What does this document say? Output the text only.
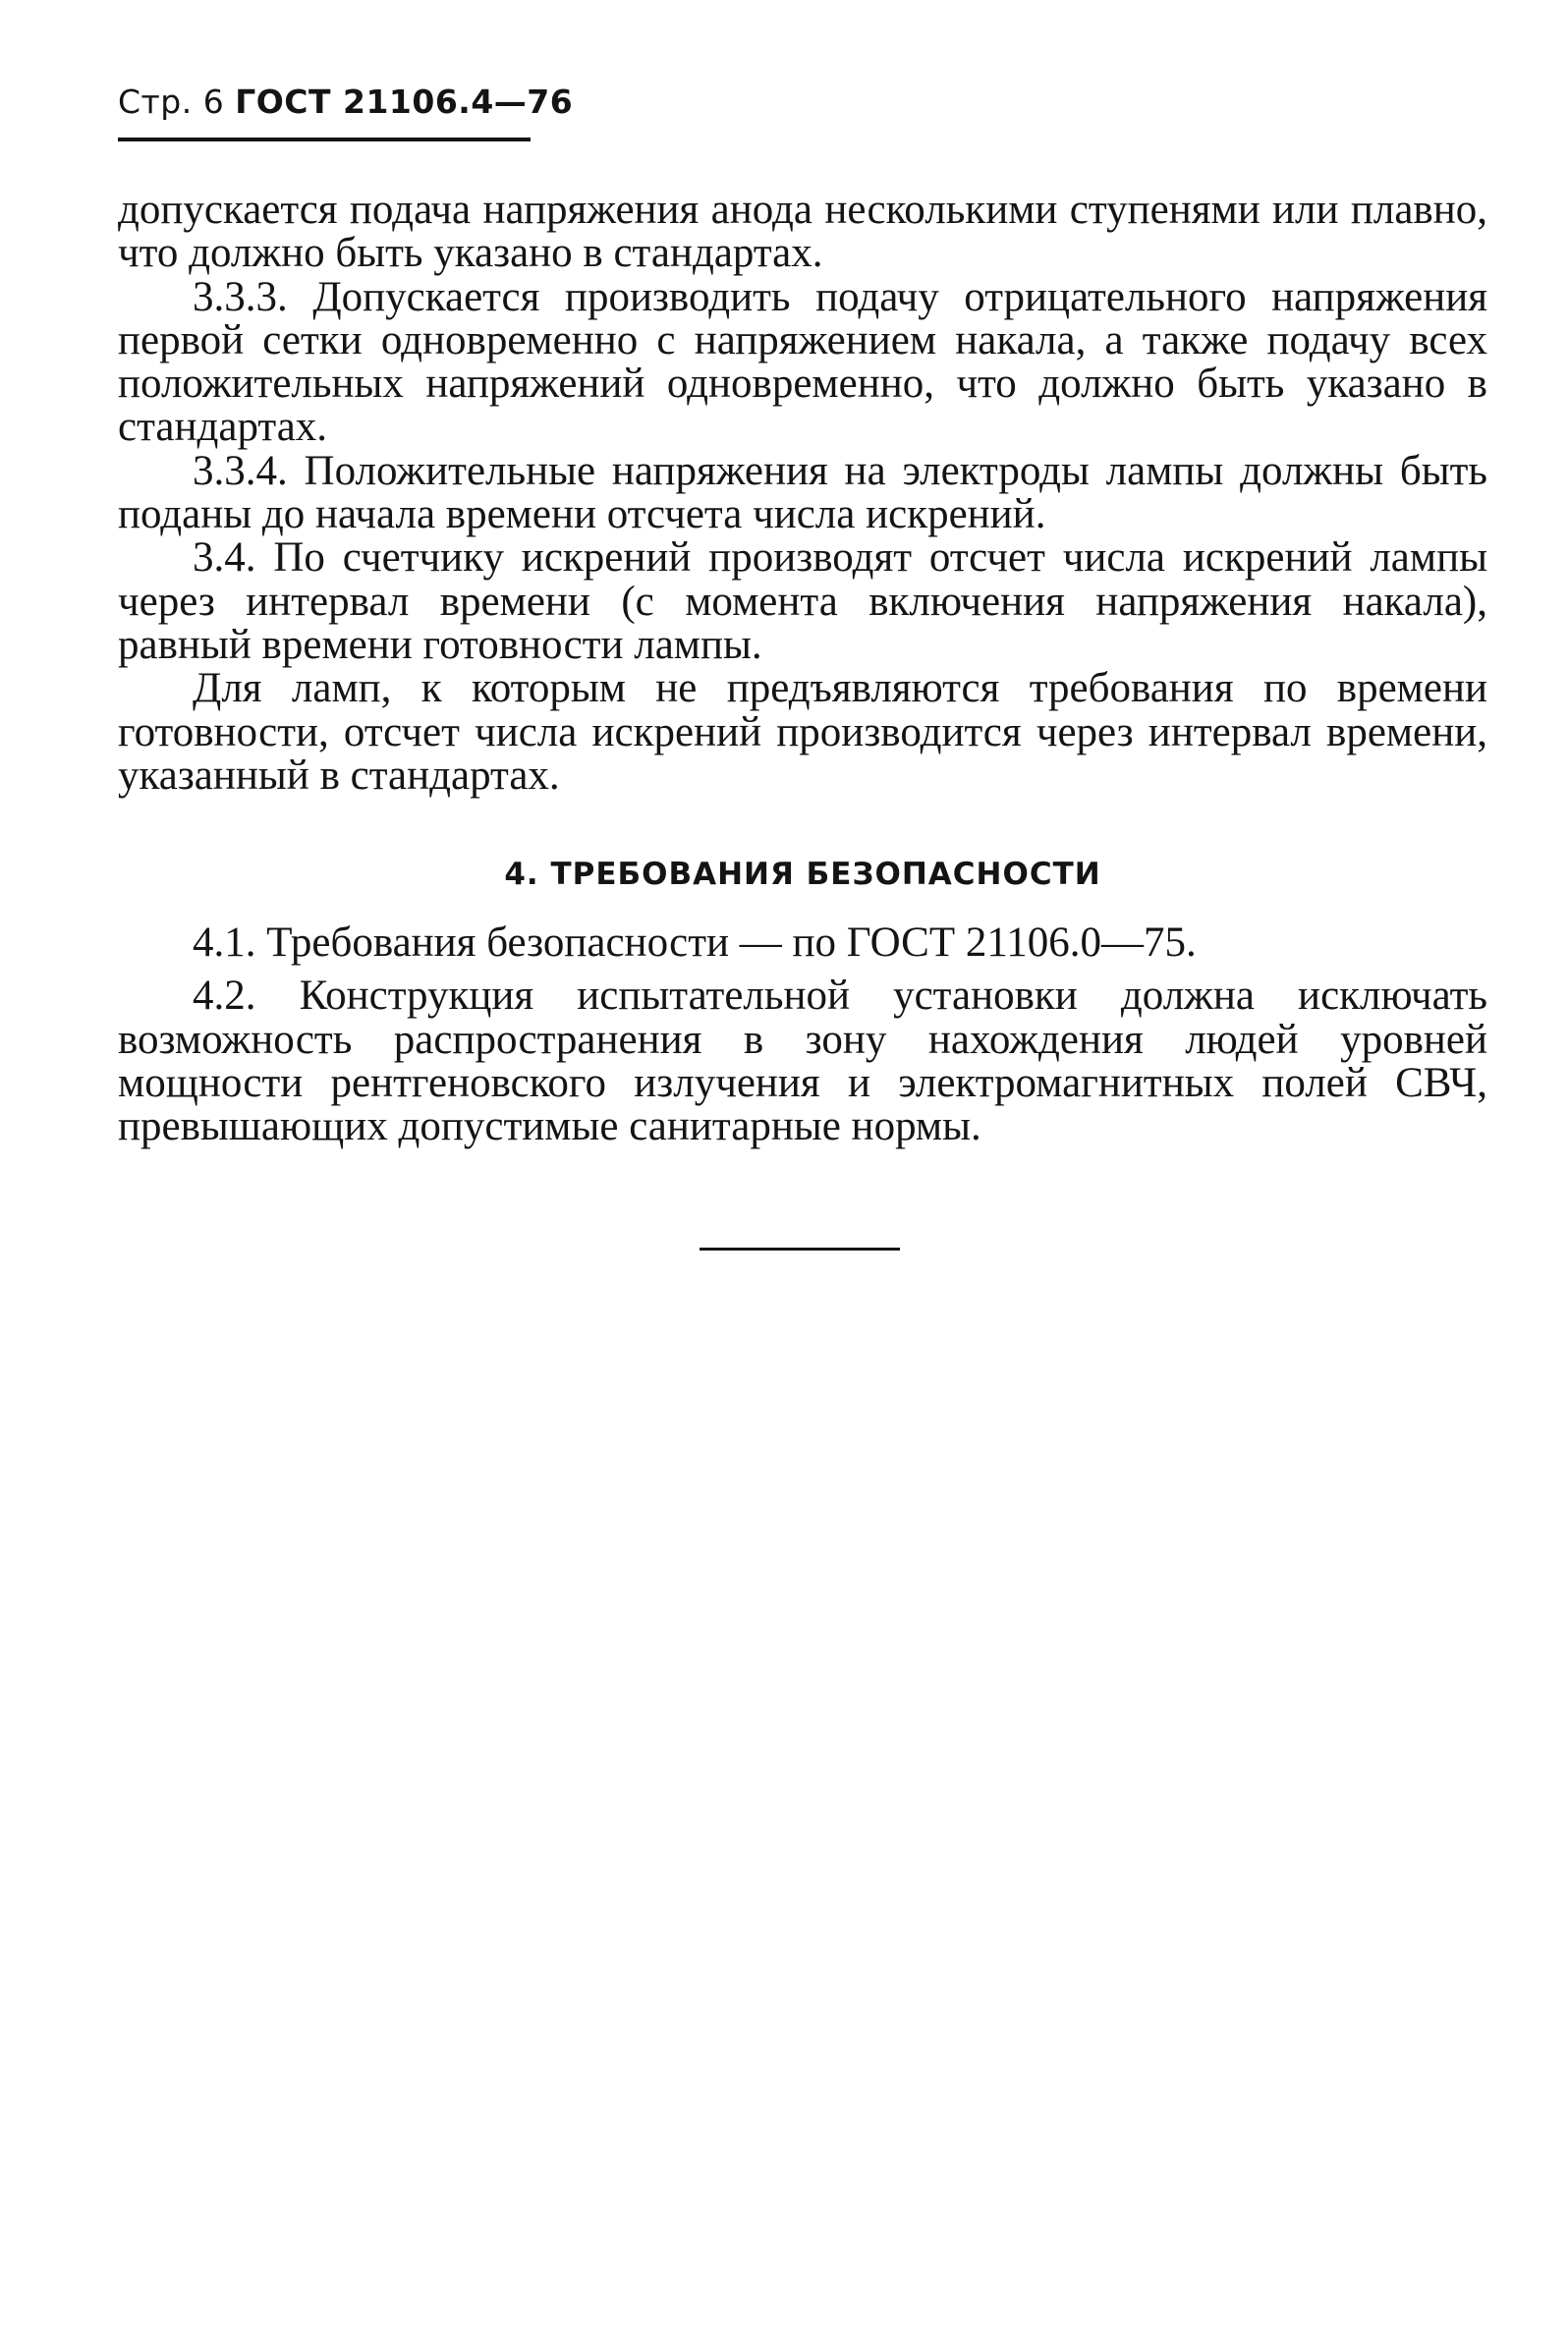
Стр. 6 ГОСТ 21106.4—76

допускается подача напряжения анода несколькими ступенями или плавно, что должно быть указано в стандартах.

3.3.3. Допускается производить подачу отрицательного напряжения первой сетки одновременно с напряжением накала, а также подачу всех положительных напряжений одновременно, что должно быть указано в стандартах.

3.3.4. Положительные напряжения на электроды лампы должны быть поданы до начала времени отсчета числа искрений.

3.4. По счетчику искрений производят отсчет числа искрений лампы через интервал времени (с момента включения напряжения накала), равный времени готовности лампы.

Для ламп, к которым не предъявляются требования по времени готовности, отсчет числа искрений производится через интервал времени, указанный в стандартах.

4. ТРЕБОВАНИЯ БЕЗОПАСНОСТИ

4.1. Требования безопасности — по ГОСТ 21106.0—75.

4.2. Конструкция испытательной установки должна исключать возможность распространения в зону нахождения людей уровней мощности рентгеновского излучения и электромагнитных полей СВЧ, превышающих допустимые санитарные нормы.
